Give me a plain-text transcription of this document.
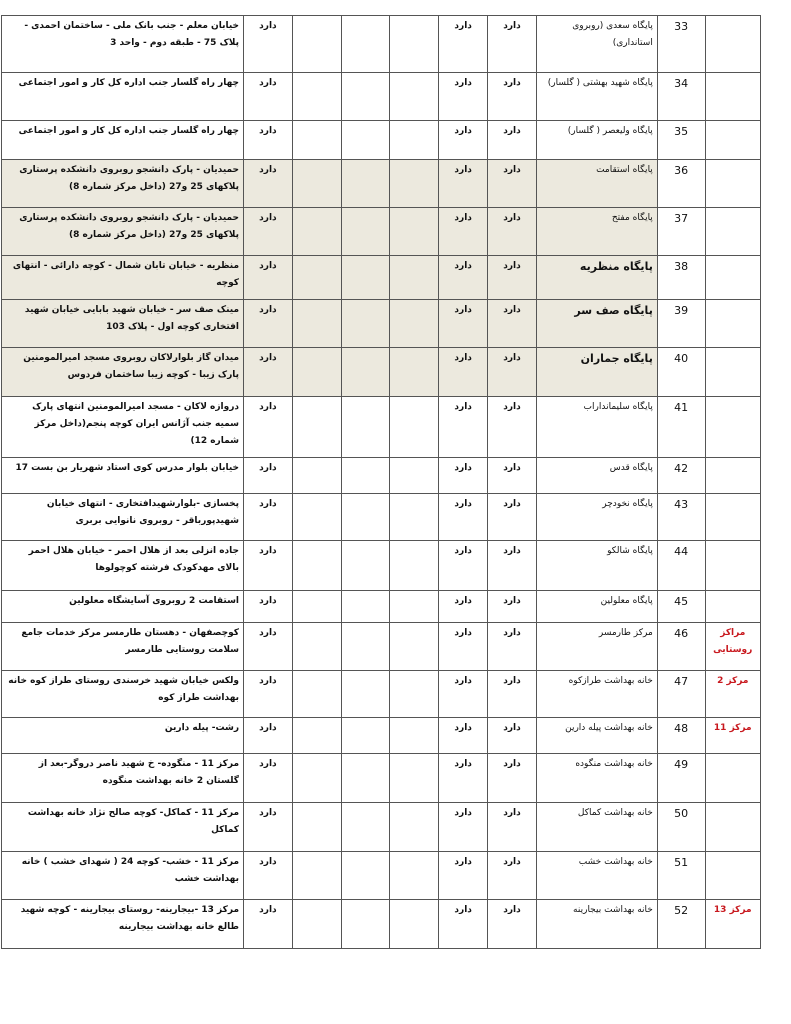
	33	پایگاه سعدی (روبروی استانداری)	دارد	دارد				دارد	خیابان معلم - جنب بانک ملی - ساختمان احمدی - پلاک 75 - طبقه دوم - واحد 3
	34	پایگاه شهید بهشتی ( گلسار)	دارد	دارد				دارد	چهار راه گلسار جنب اداره کل کار و امور اجتماعی
	35	پایگاه ولیعصر ( گلسار)	دارد	دارد				دارد	چهار راه گلسار جنب اداره کل کار و امور اجتماعی
	36	پایگاه استقامت	دارد	دارد				دارد	حمیدیان - پارک دانشجو روبروی دانشکده پرستاری پلاکهای 25 و27 (داخل مرکز شماره 8)
	37	پایگاه مفتح	دارد	دارد				دارد	حمیدیان - پارک دانشجو روبروی دانشکده پرستاری پلاکهای 25 و27 (داخل مرکز شماره 8)
	38	پایگاه منظریه	دارد	دارد				دارد	منظریه - خیابان تابان شمال - کوچه دارائی - انتهای کوچه
	39	پایگاه صف سر	دارد	دارد				دارد	مینک صف سر - خیابان شهید بابایی خیابان شهید افتخاری کوچه اول - پلاک 103
	40	پایگاه جماران	دارد	دارد				دارد	میدان گاز بلوارلاکان روبروی مسجد امیرالمومنین پارک زیبا - کوچه زیبا ساختمان فردوس
	41	پایگاه سلیمانداراب	دارد	دارد				دارد	دروازه لاکان - مسجد امیرالمومنین انتهای پارک سمیه جنب آژانس ایران کوچه پنجم(داخل مرکز شماره 12)
	42	پایگاه قدس	دارد	دارد				دارد	خیابان بلوار مدرس کوی استاد شهریار بن بست 17
	43	پایگاه نخودچر	دارد	دارد				دارد	پخسازی -بلوارشهیدافتخاری - انتهای خیابان شهیدپورباقر - روبروی نانوایی بربری
	44	پایگاه شالکو	دارد	دارد				دارد	جاده انزلی بعد از هلال احمر - خیابان هلال احمر بالای مهدکودک فرشته کوچولوها
	45	پایگاه معلولین	دارد	دارد				دارد	استقامت 2 روبروی آسایشگاه معلولین
مراکز روستایی	46	مرکز طارمسر	دارد	دارد				دارد	کوچصفهان - دهستان طارمسر مرکز خدمات جامع سلامت روستایی طارمسر
مرکز 2	47	خانه بهداشت طرازکوه	دارد	دارد				دارد	ولکس خیابان شهید خرسندی روستای طراز کوه خانه بهداشت طراز کوه
مرکز 11	48	خانه بهداشت پیله دارین	دارد	دارد				دارد	رشت- پیله دارین
	49	خانه بهداشت منگوده	دارد	دارد				دارد	مرکز 11 - منگوده- خ شهید ناصر دروگر-بعد از گلستان 2 خانه بهداشت منگوده
	50	خانه بهداشت کماکل	دارد	دارد				دارد	مرکز 11 - کماکل- کوچه صالح نژاد خانه بهداشت کماکل
	51	خانه بهداشت خشب	دارد	دارد				دارد	مرکز 11 - خشب- کوچه 24 ( شهدای خشب ) خانه بهداشت خشب
مرکز 13	52	خانه بهداشت بیجارینه	دارد	دارد				دارد	مرکز 13 -بیجارینه- روستای بیجارینه - کوچه شهید طالع خانه بهداشت بیجارینه
